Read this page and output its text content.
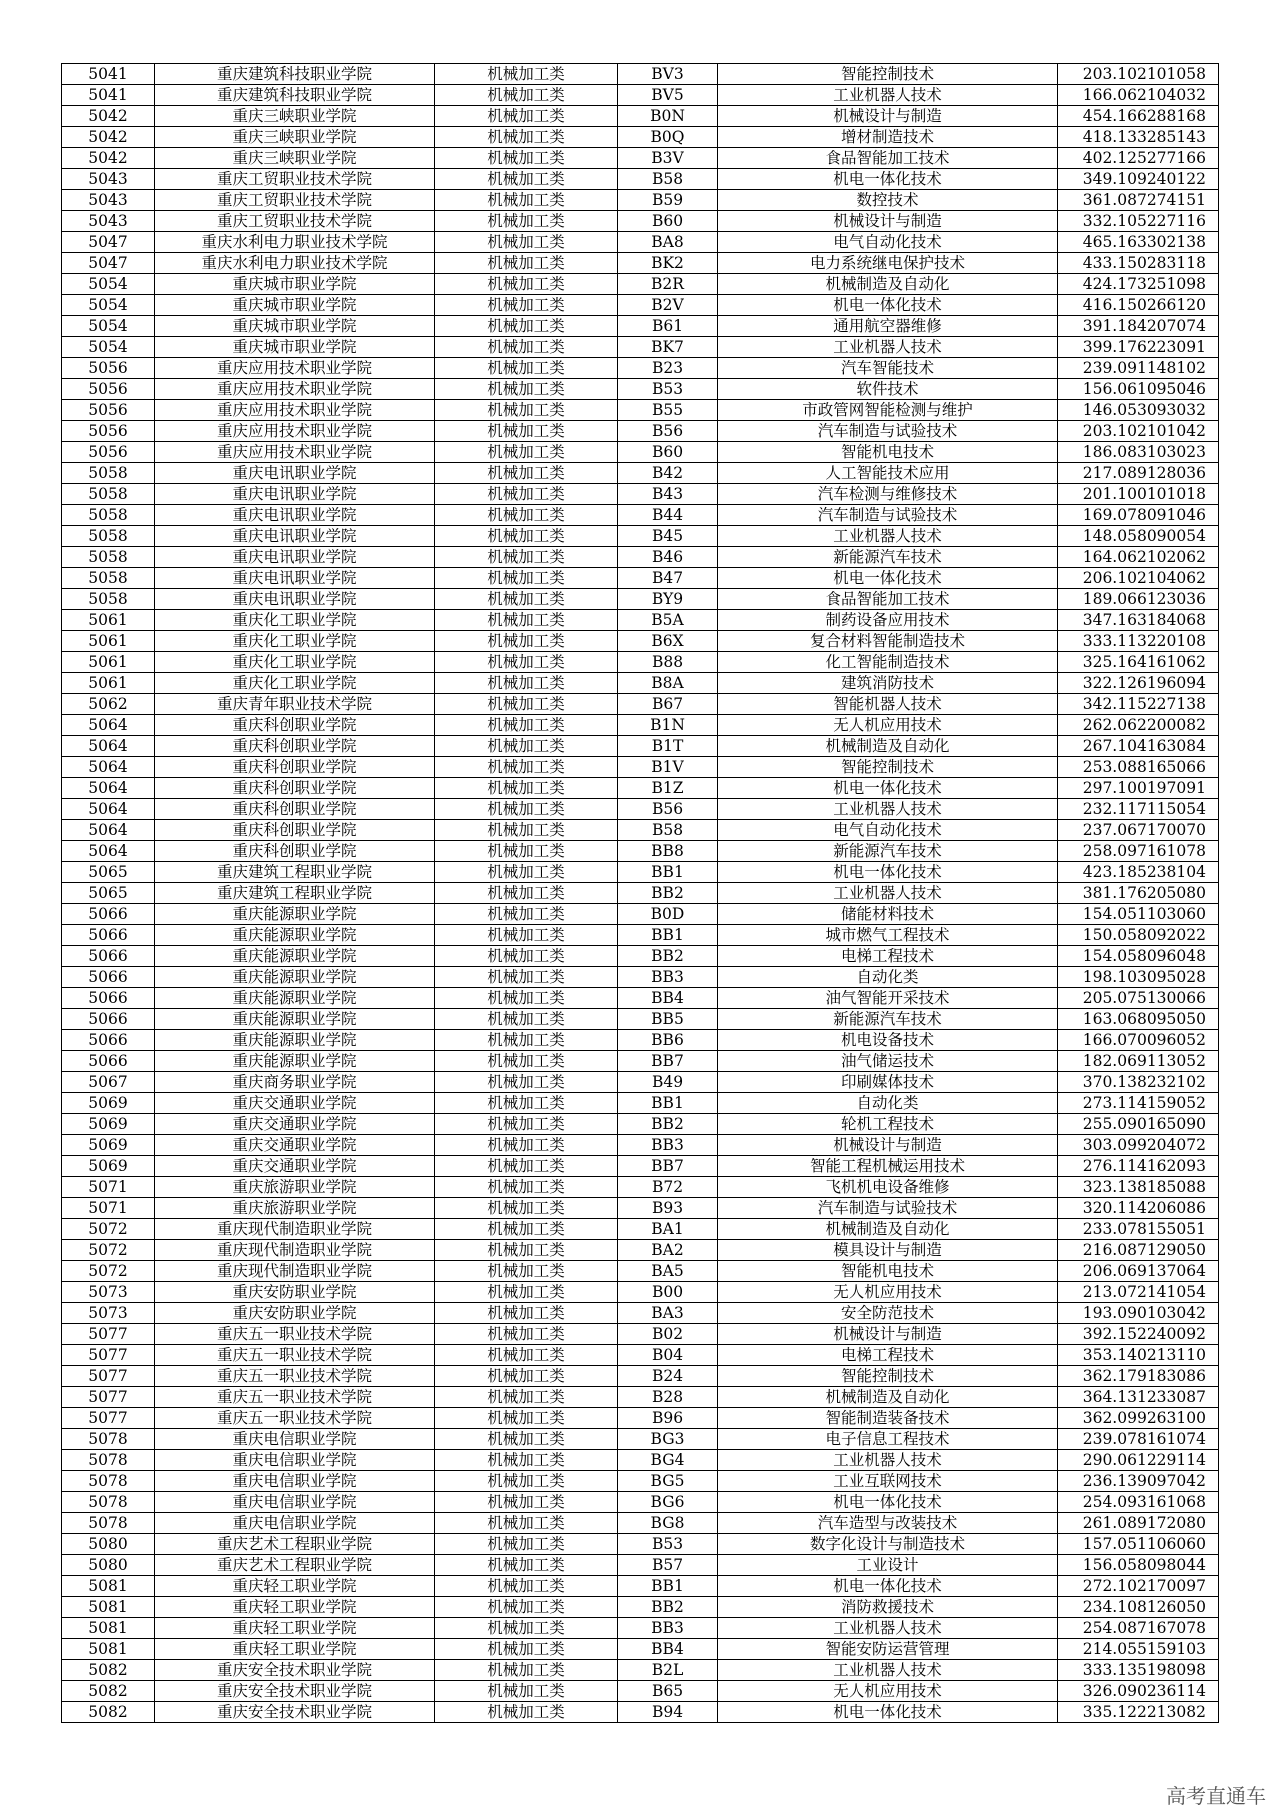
5041	重庆建筑科技职业学院	机械加工类	BV3	智能控制技术	203.102101058
5041	重庆建筑科技职业学院	机械加工类	BV5	工业机器人技术	166.062104032
5042	重庆三峡职业学院	机械加工类	B0N	机械设计与制造	454.166288168
5042	重庆三峡职业学院	机械加工类	B0Q	增材制造技术	418.133285143
5042	重庆三峡职业学院	机械加工类	B3V	食品智能加工技术	402.125277166
5043	重庆工贸职业技术学院	机械加工类	B58	机电一体化技术	349.109240122
5043	重庆工贸职业技术学院	机械加工类	B59	数控技术	361.087274151
5043	重庆工贸职业技术学院	机械加工类	B60	机械设计与制造	332.105227116
5047	重庆水利电力职业技术学院	机械加工类	BA8	电气自动化技术	465.163302138
5047	重庆水利电力职业技术学院	机械加工类	BK2	电力系统继电保护技术	433.150283118
5054	重庆城市职业学院	机械加工类	B2R	机械制造及自动化	424.173251098
5054	重庆城市职业学院	机械加工类	B2V	机电一体化技术	416.150266120
5054	重庆城市职业学院	机械加工类	B61	通用航空器维修	391.184207074
5054	重庆城市职业学院	机械加工类	BK7	工业机器人技术	399.176223091
5056	重庆应用技术职业学院	机械加工类	B23	汽车智能技术	239.091148102
5056	重庆应用技术职业学院	机械加工类	B53	软件技术	156.061095046
5056	重庆应用技术职业学院	机械加工类	B55	市政管网智能检测与维护	146.053093032
5056	重庆应用技术职业学院	机械加工类	B56	汽车制造与试验技术	203.102101042
5056	重庆应用技术职业学院	机械加工类	B60	智能机电技术	186.083103023
5058	重庆电讯职业学院	机械加工类	B42	人工智能技术应用	217.089128036
5058	重庆电讯职业学院	机械加工类	B43	汽车检测与维修技术	201.100101018
5058	重庆电讯职业学院	机械加工类	B44	汽车制造与试验技术	169.078091046
5058	重庆电讯职业学院	机械加工类	B45	工业机器人技术	148.058090054
5058	重庆电讯职业学院	机械加工类	B46	新能源汽车技术	164.062102062
5058	重庆电讯职业学院	机械加工类	B47	机电一体化技术	206.102104062
5058	重庆电讯职业学院	机械加工类	BY9	食品智能加工技术	189.066123036
5061	重庆化工职业学院	机械加工类	B5A	制药设备应用技术	347.163184068
5061	重庆化工职业学院	机械加工类	B6X	复合材料智能制造技术	333.113220108
5061	重庆化工职业学院	机械加工类	B88	化工智能制造技术	325.164161062
5061	重庆化工职业学院	机械加工类	B8A	建筑消防技术	322.126196094
5062	重庆青年职业技术学院	机械加工类	B67	智能机器人技术	342.115227138
5064	重庆科创职业学院	机械加工类	B1N	无人机应用技术	262.062200082
5064	重庆科创职业学院	机械加工类	B1T	机械制造及自动化	267.104163084
5064	重庆科创职业学院	机械加工类	B1V	智能控制技术	253.088165066
5064	重庆科创职业学院	机械加工类	B1Z	机电一体化技术	297.100197091
5064	重庆科创职业学院	机械加工类	B56	工业机器人技术	232.117115054
5064	重庆科创职业学院	机械加工类	B58	电气自动化技术	237.067170070
5064	重庆科创职业学院	机械加工类	BB8	新能源汽车技术	258.097161078
5065	重庆建筑工程职业学院	机械加工类	BB1	机电一体化技术	423.185238104
5065	重庆建筑工程职业学院	机械加工类	BB2	工业机器人技术	381.176205080
5066	重庆能源职业学院	机械加工类	B0D	储能材料技术	154.051103060
5066	重庆能源职业学院	机械加工类	BB1	城市燃气工程技术	150.058092022
5066	重庆能源职业学院	机械加工类	BB2	电梯工程技术	154.058096048
5066	重庆能源职业学院	机械加工类	BB3	自动化类	198.103095028
5066	重庆能源职业学院	机械加工类	BB4	油气智能开采技术	205.075130066
5066	重庆能源职业学院	机械加工类	BB5	新能源汽车技术	163.068095050
5066	重庆能源职业学院	机械加工类	BB6	机电设备技术	166.070096052
5066	重庆能源职业学院	机械加工类	BB7	油气储运技术	182.069113052
5067	重庆商务职业学院	机械加工类	B49	印刷媒体技术	370.138232102
5069	重庆交通职业学院	机械加工类	BB1	自动化类	273.114159052
5069	重庆交通职业学院	机械加工类	BB2	轮机工程技术	255.090165090
5069	重庆交通职业学院	机械加工类	BB3	机械设计与制造	303.099204072
5069	重庆交通职业学院	机械加工类	BB7	智能工程机械运用技术	276.114162093
5071	重庆旅游职业学院	机械加工类	B72	飞机机电设备维修	323.138185088
5071	重庆旅游职业学院	机械加工类	B93	汽车制造与试验技术	320.114206086
5072	重庆现代制造职业学院	机械加工类	BA1	机械制造及自动化	233.078155051
5072	重庆现代制造职业学院	机械加工类	BA2	模具设计与制造	216.087129050
5072	重庆现代制造职业学院	机械加工类	BA5	智能机电技术	206.069137064
5073	重庆安防职业学院	机械加工类	B00	无人机应用技术	213.072141054
5073	重庆安防职业学院	机械加工类	BA3	安全防范技术	193.090103042
5077	重庆五一职业技术学院	机械加工类	B02	机械设计与制造	392.152240092
5077	重庆五一职业技术学院	机械加工类	B04	电梯工程技术	353.140213110
5077	重庆五一职业技术学院	机械加工类	B24	智能控制技术	362.179183086
5077	重庆五一职业技术学院	机械加工类	B28	机械制造及自动化	364.131233087
5077	重庆五一职业技术学院	机械加工类	B96	智能制造装备技术	362.099263100
5078	重庆电信职业学院	机械加工类	BG3	电子信息工程技术	239.078161074
5078	重庆电信职业学院	机械加工类	BG4	工业机器人技术	290.061229114
5078	重庆电信职业学院	机械加工类	BG5	工业互联网技术	236.139097042
5078	重庆电信职业学院	机械加工类	BG6	机电一体化技术	254.093161068
5078	重庆电信职业学院	机械加工类	BG8	汽车造型与改装技术	261.089172080
5080	重庆艺术工程职业学院	机械加工类	B53	数字化设计与制造技术	157.051106060
5080	重庆艺术工程职业学院	机械加工类	B57	工业设计	156.058098044
5081	重庆轻工职业学院	机械加工类	BB1	机电一体化技术	272.102170097
5081	重庆轻工职业学院	机械加工类	BB2	消防救援技术	234.108126050
5081	重庆轻工职业学院	机械加工类	BB3	工业机器人技术	254.087167078
5081	重庆轻工职业学院	机械加工类	BB4	智能安防运营管理	214.055159103
5082	重庆安全技术职业学院	机械加工类	B2L	工业机器人技术	333.135198098
5082	重庆安全技术职业学院	机械加工类	B65	无人机应用技术	326.090236114
5082	重庆安全技术职业学院	机械加工类	B94	机电一体化技术	335.122213082
高考直通车
